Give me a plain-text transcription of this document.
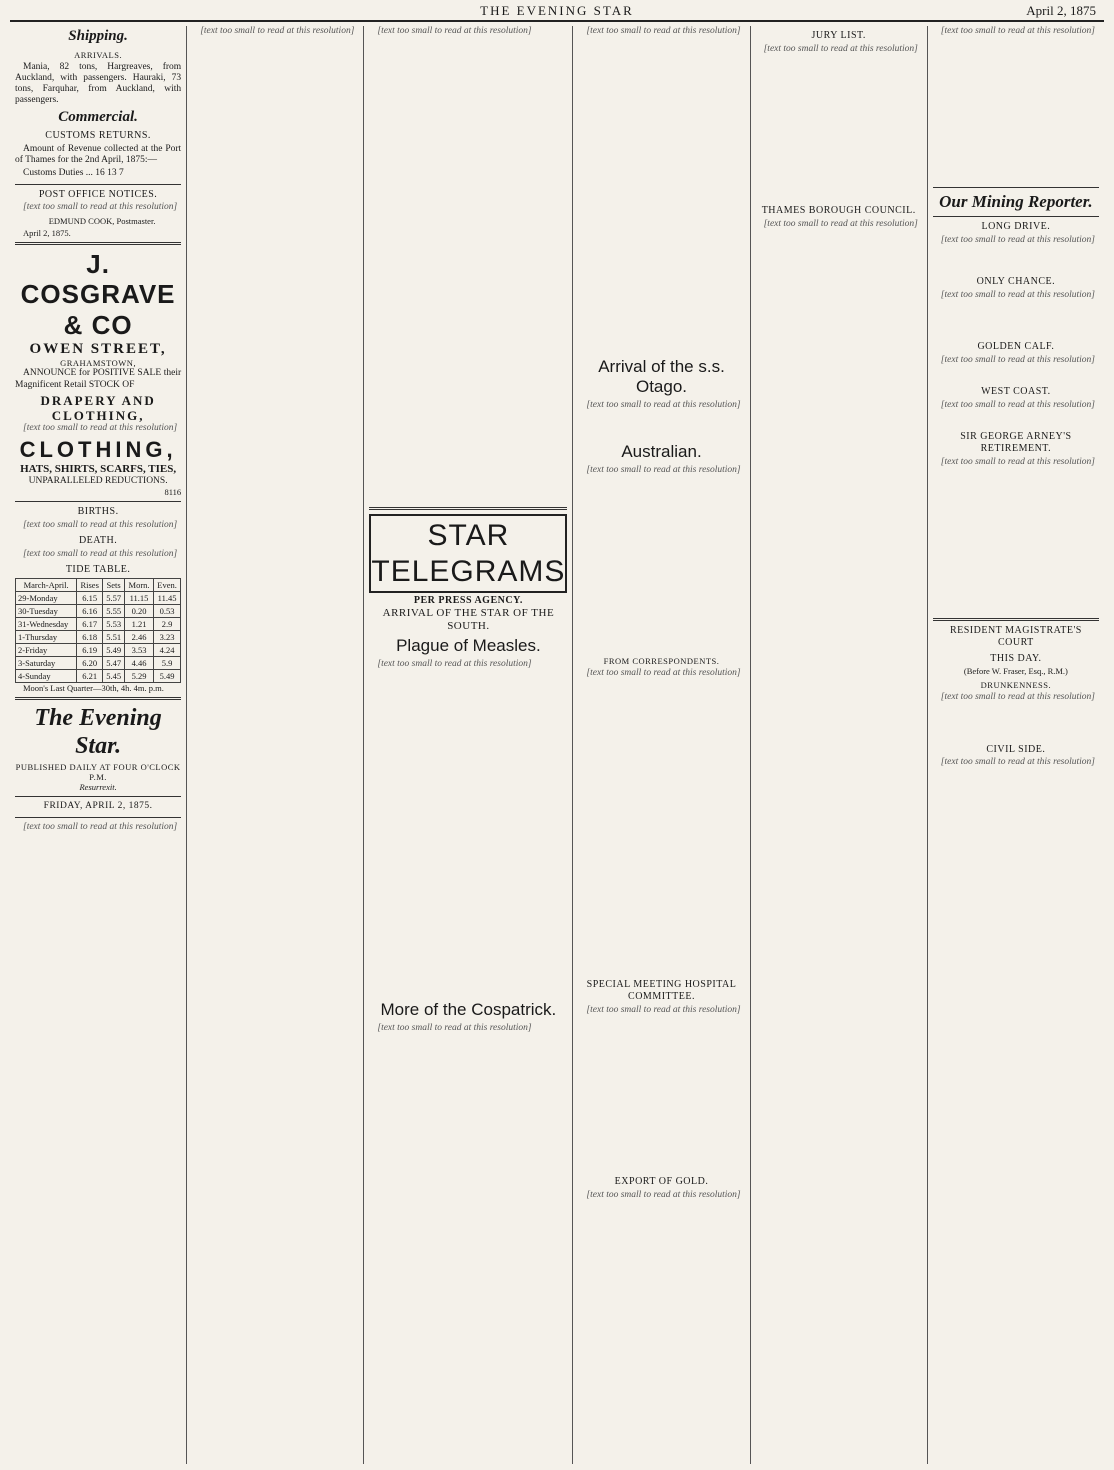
THE EVENING STAR	April 2, 1875
Shipping.
ARRIVALS.

Mania, 82 tons, Hargreaves, from Auckland, with passengers. Hauraki, 73 tons, Farquhar, from Auckland, with passengers.

Commercial.
CUSTOMS RETURNS.

Amount of Revenue collected at the Port of Thames for the 2nd April, 1875:—

Customs Duties ... 16 13 7

POST OFFICE NOTICES.

[text too small to read at this resolution]

EDMUND COOK, Postmaster.

April 2, 1875.

J. COSGRAVE & CO
OWEN STREET,
GRAHAMSTOWN,

ANNOUNCE for POSITIVE SALE their Magnificent Retail STOCK OF

DRAPERY AND CLOTHING,

[text too small to read at this resolution]

CLOTHING,
HATS, SHIRTS, SCARFS, TIES,
UNPARALLELED REDUCTIONS.

8116

BIRTHS.

[text too small to read at this resolution]

DEATH.

[text too small to read at this resolution]

TIDE TABLE.
March-April.	Rises	Sets	Morn.	Even.
29-Monday	6.15	5.57	11.15	11.45
30-Tuesday	6.16	5.55	0.20	0.53
31-Wednesday	6.17	5.53	1.21	2.9
1-Thursday	6.18	5.51	2.46	3.23
2-Friday	6.19	5.49	3.53	4.24
3-Saturday	6.20	5.47	4.46	5.9
4-Sunday	6.21	5.45	5.29	5.49

Moon's Last Quarter—30th, 4h. 4m. p.m.

The Evening Star.
PUBLISHED DAILY AT FOUR O'CLOCK P.M.
Resurrexit.
FRIDAY, APRIL 2, 1875.

[text too small to read at this resolution]

[text too small to read at this resolution]	[text too small to read at this resolution]

STAR TELEGRAMS
PER PRESS AGENCY.
ARRIVAL OF THE STAR OF THE SOUTH.
Plague of Measles.

[text too small to read at this resolution]

More of the Cospatrick.

[text too small to read at this resolution]

[text too small to read at this resolution]

Arrival of the s.s. Otago.

[text too small to read at this resolution]

Australian.

[text too small to read at this resolution]

FROM CORRESPONDENTS.

[text too small to read at this resolution]

SPECIAL MEETING HOSPITAL COMMITTEE.

[text too small to read at this resolution]

EXPORT OF GOLD.

[text too small to read at this resolution]

JURY LIST.

[text too small to read at this resolution]

THAMES BOROUGH COUNCIL.

[text too small to read at this resolution]

[text too small to read at this resolution]

Our Mining Reporter.
LONG DRIVE.

[text too small to read at this resolution]

ONLY CHANCE.

[text too small to read at this resolution]

GOLDEN CALF.

[text too small to read at this resolution]

WEST COAST.

[text too small to read at this resolution]

SIR GEORGE ARNEY'S RETIREMENT.

[text too small to read at this resolution]

RESIDENT MAGISTRATE'S COURT
THIS DAY.
(Before W. Fraser, Esq., R.M.)
DRUNKENNESS.

[text too small to read at this resolution]

CIVIL SIDE.

[text too small to read at this resolution]
